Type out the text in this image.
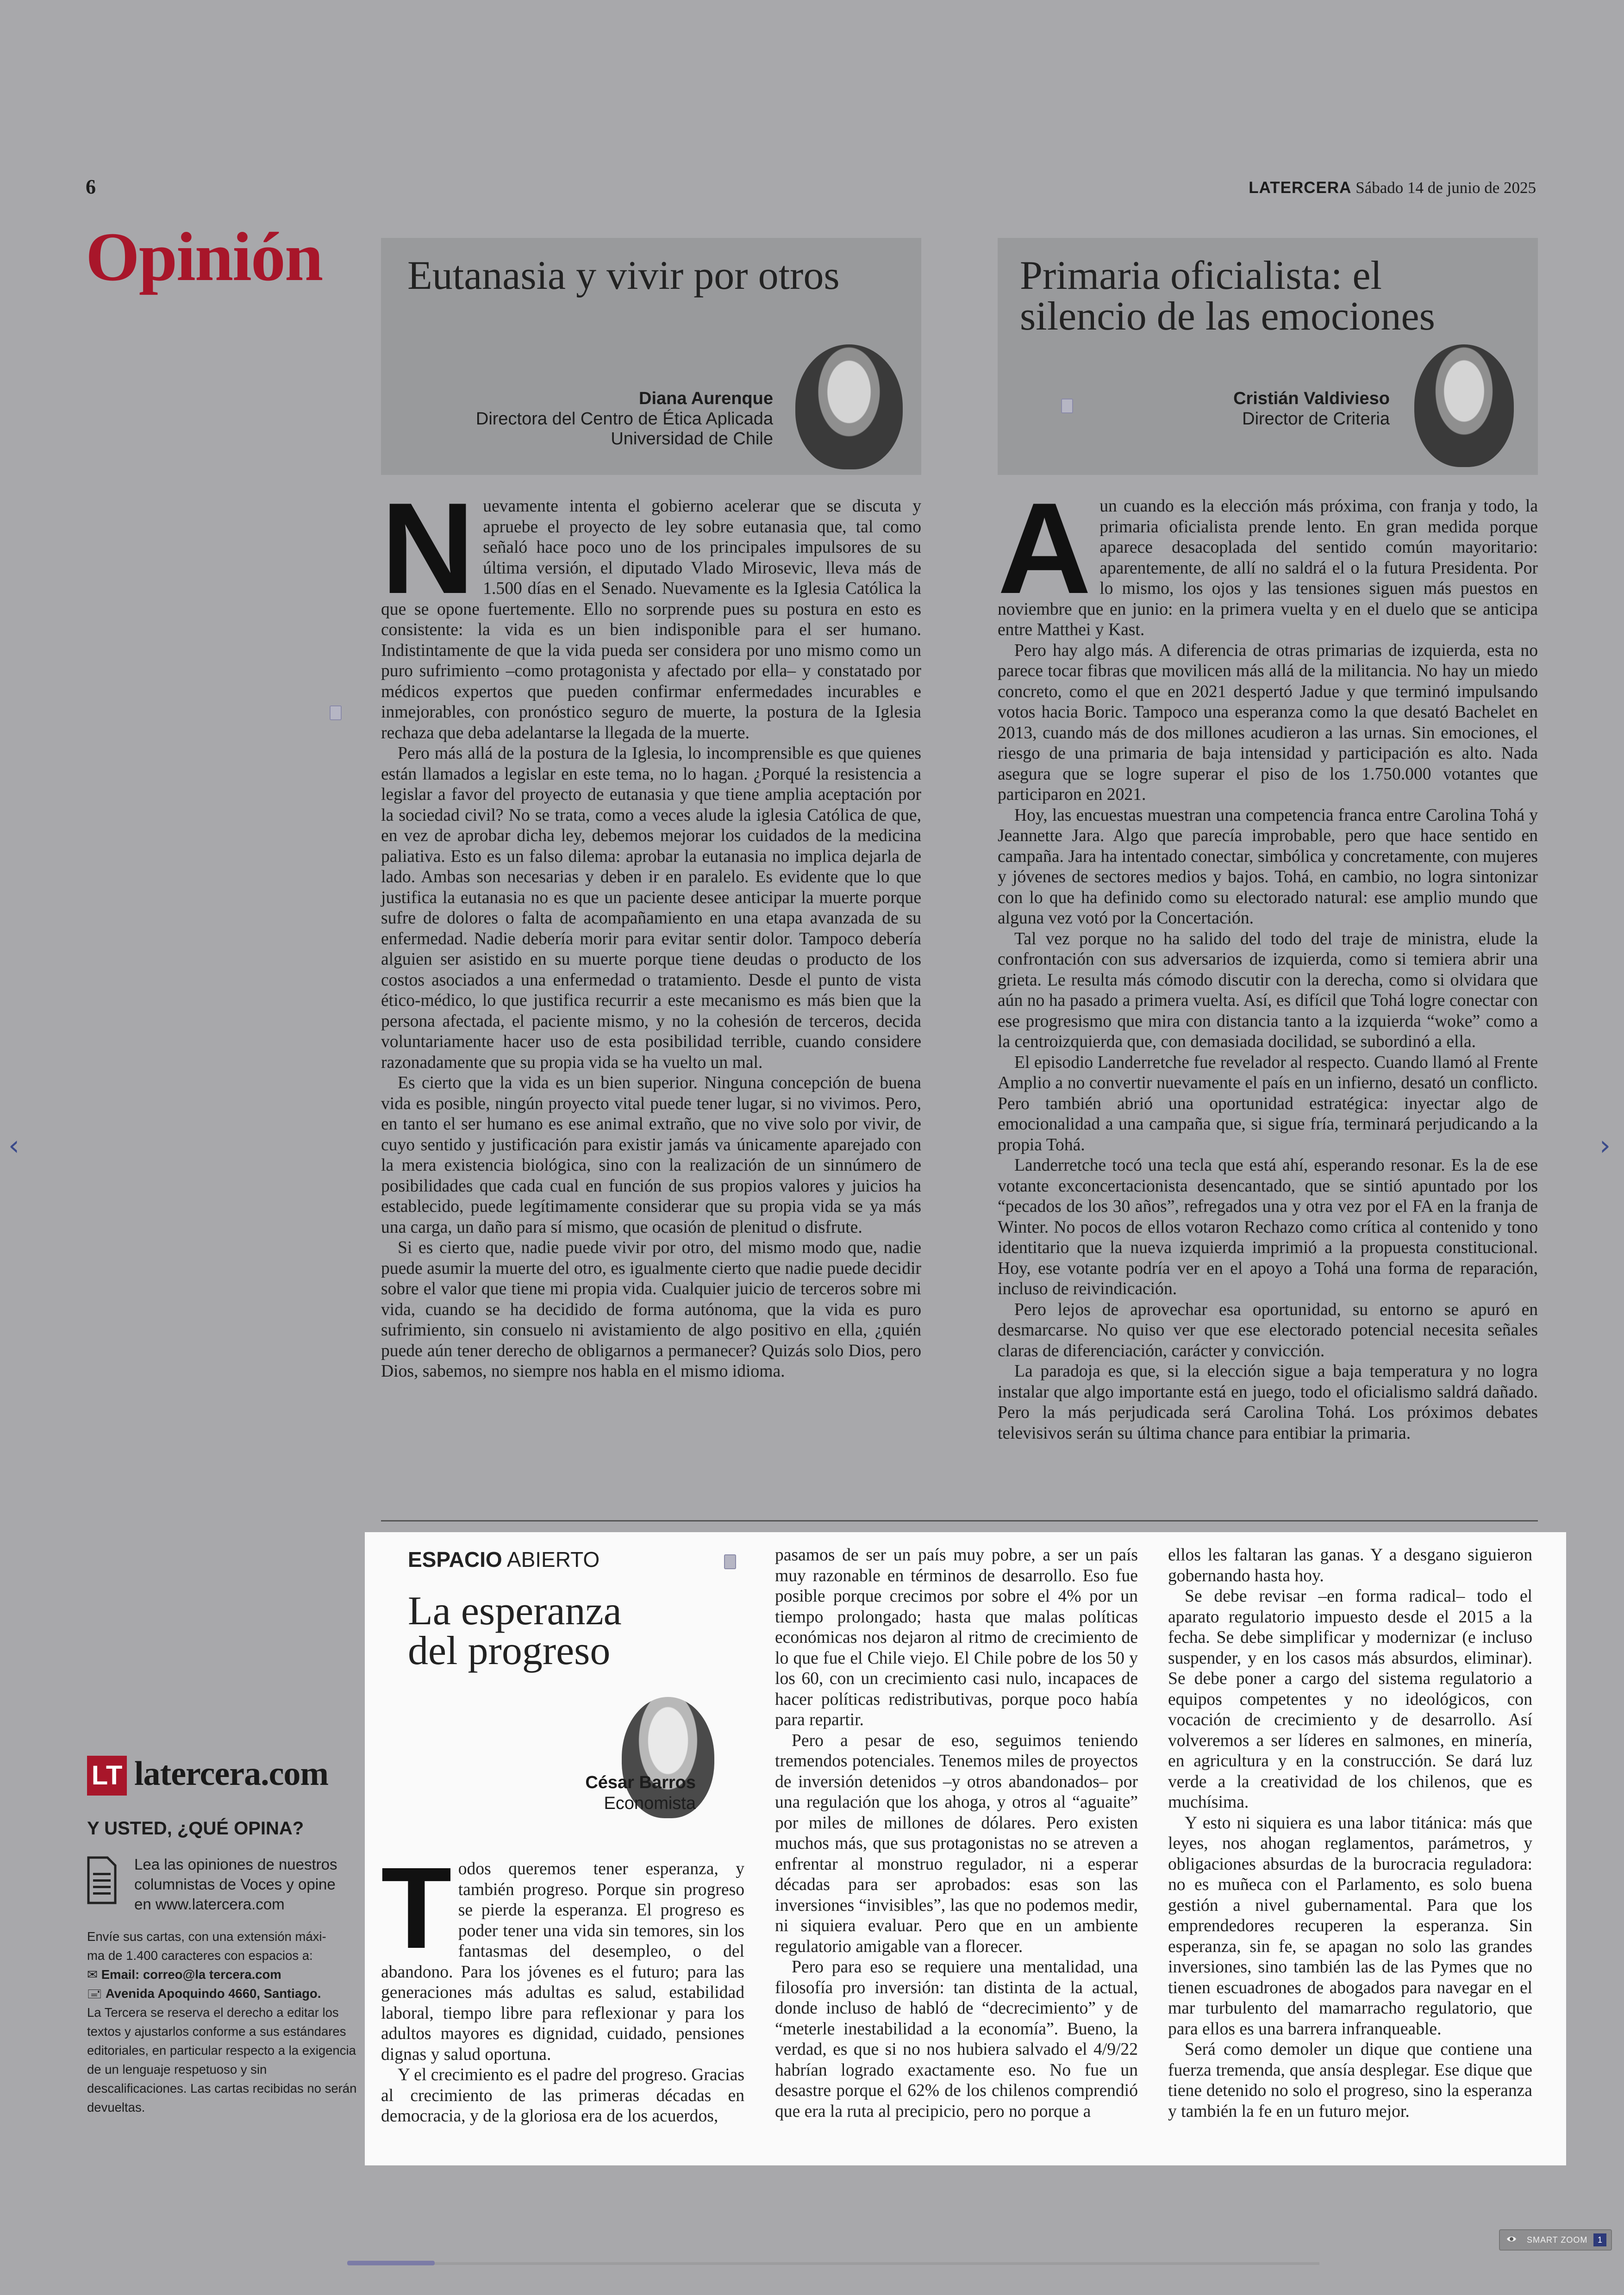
6	LATERCERA Sábado 14 de junio de 2025
Opinión Eutanasia y vivir por otros
Diana Aurenque
Directora del Centro de Ética Aplicada
Universidad de Chile
Primaria oficialista: el
silencio de las emociones
Cristián Valdivieso
Director de Criteria
N uevamente intenta el gobierno acelerar que se discuta y apruebe el proyecto de ley sobre eutanasia que, tal como señaló hace poco uno de los principales impulsores de su última versión, el diputado Vlado Mirosevic, lleva más de 1.500 días en el Senado. Nuevamente es la Iglesia Católica la que se opone fuertemente. Ello no sorprende pues su postura en esto es consistente: la vida es un bien indisponible para el ser humano. Indistintamente de que la vida pueda ser considera por uno mismo como un puro sufrimiento –como protagonista y afectado por ella– y constatado por médicos expertos que pueden confirmar enfermedades incurables e inmejorables, con pronóstico seguro de muerte, la postura de la Iglesia rechaza que deba adelantarse la llegada de la muerte.

Pero más allá de la postura de la Iglesia, lo incomprensible es que quienes están llamados a legislar en este tema, no lo hagan. ¿Porqué la resistencia a legislar a favor del proyecto de eutanasia y que tiene amplia aceptación por la sociedad civil? No se trata, como a veces alude la iglesia Católica de que, en vez de aprobar dicha ley, debemos mejorar los cuidados de la medicina paliativa. Esto es un falso dilema: aprobar la eutanasia no implica dejarla de lado. Ambas son necesarias y deben ir en paralelo. Es evidente que lo que justifica la eutanasia no es que un paciente desee anticipar la muerte porque sufre de dolores o falta de acompañamiento en una etapa avanzada de su enfermedad. Nadie debería morir para evitar sentir dolor. Tampoco debería alguien ser asistido en su muerte porque tiene deudas o producto de los costos asociados a una enfermedad o tratamiento. Desde el punto de vista ético-médico, lo que justifica recurrir a este mecanismo es más bien que la persona afectada, el paciente mismo, y no la cohesión de terceros, decida voluntariamente hacer uso de esta posibilidad terrible, cuando considere razonadamente que su propia vida se ha vuelto un mal.

Es cierto que la vida es un bien superior. Ninguna concepción de buena vida es posible, ningún proyecto vital puede tener lugar, si no vivimos. Pero, en tanto el ser humano es ese animal extraño, que no vive solo por vivir, de cuyo sentido y justificación para existir jamás va únicamente aparejado con la mera existencia biológica, sino con la realización de un sinnúmero de posibilidades que cada cual en función de sus propios valores y juicios ha establecido, puede legítimamente considerar que su propia vida se ya más una carga, un daño para sí mismo, que ocasión de plenitud o disfrute.

Si es cierto que, nadie puede vivir por otro, del mismo modo que, nadie puede asumir la muerte del otro, es igualmente cierto que nadie puede decidir sobre el valor que tiene mi propia vida. Cualquier juicio de terceros sobre mi vida, cuando se ha decidido de forma autónoma, que la vida es puro sufrimiento, sin consuelo ni avistamiento de algo positivo en ella, ¿quién puede aún tener derecho de obligarnos a permanecer? Quizás solo Dios, pero Dios, sabemos, no siempre nos habla en el mismo idioma.

A un cuando es la elección más próxima, con franja y todo, la primaria oficialista prende lento. En gran medida porque aparece desacoplada del sentido común mayoritario: aparentemente, de allí no saldrá el o la futura Presidenta. Por lo mismo, los ojos y las tensiones siguen más puestos en noviembre que en junio: en la primera vuelta y en el duelo que se anticipa entre Matthei y Kast.

Pero hay algo más. A diferencia de otras primarias de izquierda, esta no parece tocar fibras que movilicen más allá de la militancia. No hay un miedo concreto, como el que en 2021 despertó Jadue y que terminó impulsando votos hacia Boric. Tampoco una esperanza como la que desató Bachelet en 2013, cuando más de dos millones acudieron a las urnas. Sin emociones, el riesgo de una primaria de baja intensidad y participación es alto. Nada asegura que se logre superar el piso de los 1.750.000 votantes que participaron en 2021.

Hoy, las encuestas muestran una competencia franca entre Carolina Tohá y Jeannette Jara. Algo que parecía improbable, pero que hace sentido en campaña. Jara ha intentado conectar, simbólica y concretamente, con mujeres y jóvenes de sectores medios y bajos. Tohá, en cambio, no logra sintonizar con lo que ha definido como su electorado natural: ese amplio mundo que alguna vez votó por la Concertación.

Tal vez porque no ha salido del todo del traje de ministra, elude la confrontación con sus adversarios de izquierda, como si temiera abrir una grieta. Le resulta más cómodo discutir con la derecha, como si olvidara que aún no ha pasado a primera vuelta. Así, es difícil que Tohá logre conectar con ese progresismo que mira con distancia tanto a la izquierda “woke” como a la centroizquierda que, con demasiada docilidad, se subordinó a ella.

El episodio Landerretche fue revelador al respecto. Cuando llamó al Frente Amplio a no convertir nuevamente el país en un infierno, desató un conflicto. Pero también abrió una oportunidad estratégica: inyectar algo de emocionalidad a una campaña que, si sigue fría, terminará perjudicando a la propia Tohá.

Landerretche tocó una tecla que está ahí, esperando resonar. Es la de ese votante exconcertacionista desencantado, que se sintió apuntado por los “pecados de los 30 años”, refregados una y otra vez por el FA en la franja de Winter. No pocos de ellos votaron Rechazo como crítica al contenido y tono identitario que la nueva izquierda imprimió a la propuesta constitucional. Hoy, ese votante podría ver en el apoyo a Tohá una forma de reparación, incluso de reivindicación.

Pero lejos de aprovechar esa oportunidad, su entorno se apuró en desmarcarse. No quiso ver que ese electorado potencial necesita señales claras de diferenciación, carácter y convicción.

La paradoja es que, si la elección sigue a baja temperatura y no logra instalar que algo importante está en juego, todo el oficialismo saldrá dañado. Pero la más perjudicada será Carolina Tohá. Los próximos debates televisivos serán su última chance para entibiar la primaria.

ESPACIO ABIERTO
La esperanza
del progreso
César Barros
Economista
T odos queremos tener esperanza, y también progreso. Porque sin progreso se pierde la esperanza. El progreso es poder tener una vida sin temores, sin los fantasmas del desempleo, o del abandono. Para los jóvenes es el futuro; para las generaciones más adultas es salud, estabilidad laboral, tiempo libre para reflexionar y para los adultos mayores es dignidad, cuidado, pensiones dignas y salud oportuna.

Y el crecimiento es el padre del progreso. Gracias al crecimiento de las primeras décadas en democracia, y de la gloriosa era de los acuerdos,

pasamos de ser un país muy pobre, a ser un país muy razonable en términos de desarrollo. Eso fue posible porque crecimos por sobre el 4% por un tiempo prolongado; hasta que malas políticas económicas nos dejaron al ritmo de crecimiento de lo que fue el Chile viejo. El Chile pobre de los 50 y los 60, con un crecimiento casi nulo, incapaces de hacer políticas redistributivas, porque poco había para repartir.

Pero a pesar de eso, seguimos teniendo tremendos potenciales. Tenemos miles de proyectos de inversión detenidos –y otros abandonados– por una regulación que los ahoga, y otros al “aguaite” por miles de millones de dólares. Pero existen muchos más, que sus protagonistas no se atreven a enfrentar al monstruo regulador, ni a esperar décadas para ser aprobados: esas son las inversiones “invisibles”, las que no podemos medir, ni siquiera evaluar. Pero que en un ambiente regulatorio amigable van a florecer.

Pero para eso se requiere una mentalidad, una filosofía pro inversión: tan distinta de la actual, donde incluso de habló de “decrecimiento” y de “meterle inestabilidad a la economía”. Bueno, la verdad, es que si no nos hubiera salvado el 4/9/22 habrían logrado exactamente eso. No fue un desastre porque el 62% de los chilenos comprendió que era la ruta al precipicio, pero no porque a

ellos les faltaran las ganas. Y a desgano siguieron gobernando hasta hoy.

Se debe revisar –en forma radical– todo el aparato regulatorio impuesto desde el 2015 a la fecha. Se debe simplificar y modernizar (e incluso suspender, y en los casos más absurdos, eliminar). Se debe poner a cargo del sistema regulatorio a equipos competentes y no ideológicos, con vocación de crecimiento y de desarrollo. Así volveremos a ser líderes en salmones, en minería, en agricultura y en la construcción. Se dará luz verde a la creatividad de los chilenos, que es muchísima.

Y esto ni siquiera es una labor titánica: más que leyes, nos ahogan reglamentos, parámetros, y obligaciones absurdas de la burocracia reguladora: no es muñeca con el Parlamento, es solo buena gestión a nivel gubernamental. Para que los emprendedores recuperen la esperanza. Sin esperanza, sin fe, se apagan no solo las grandes inversiones, sino también las de las Pymes que no tienen escuadrones de abogados para navegar en el mar turbulento del mamarracho regulatorio, que para ellos es una barrera infranqueable.

Será como demoler un dique que contiene una fuerza tremenda, que ansía desplegar. Ese dique que tiene detenido no solo el progreso, sino la esperanza y también la fe en un futuro mejor.

LT latercera.com
Y USTED, ¿QUÉ OPINA?
Lea las opiniones de nuestros
columnistas de Voces y opine
en www.latercera.com
Envíe sus cartas, con una extensión máxi-
ma de 1.400 caracteres con espacios a:
✉ Email: correo@la tercera.com
🖃 Avenida Apoquindo 4660, Santiago.
La Tercera se reserva el derecho a editar los textos y ajustarlos conforme a sus estándares editoriales, en particular respecto a la exigencia de un lenguaje respetuoso y sin descalificaciones. Las cartas recibidas no serán devueltas.
‹	›
SMART ZOOM	1
